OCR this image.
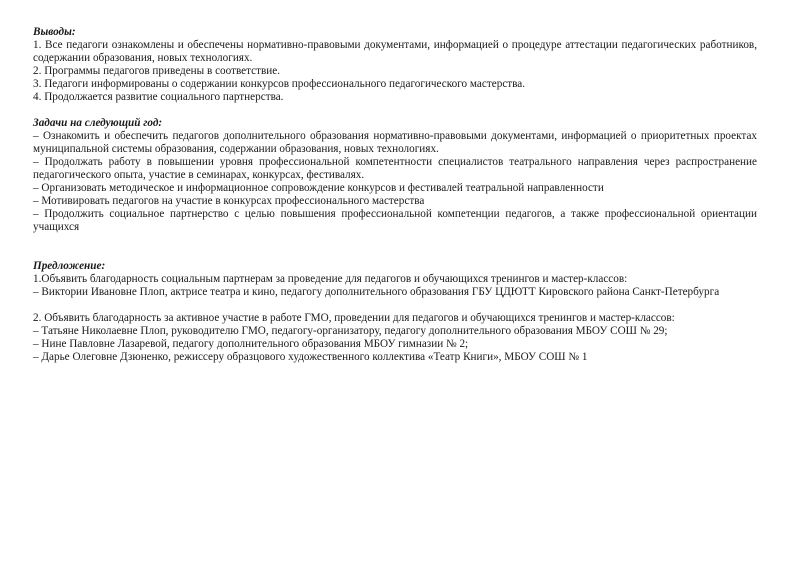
Выводы:
1. Все педагоги ознакомлены и обеспечены нормативно-правовыми документами, информацией о процедуре аттестации педагогических работников, содержании образования, новых технологиях.
2. Программы педагогов приведены в соответствие.
3. Педагоги информированы о содержании конкурсов профессионального педагогического мастерства.
4. Продолжается развитие социального партнерства.
Задачи на следующий год:
– Ознакомить и обеспечить педагогов дополнительного образования нормативно-правовыми документами, информацией о приоритетных проектах муниципальной системы образования, содержании образования, новых технологиях.
– Продолжать работу в повышении уровня профессиональной компетентности специалистов театрального направления через распространение педагогического опыта, участие в семинарах, конкурсах, фестивалях.
– Организовать методическое и информационное сопровождение конкурсов и фестивалей театральной направленности
– Мотивировать педагогов на участие в конкурсах профессионального мастерства
– Продолжить социальное партнерство с целью повышения профессиональной компетенции педагогов, а также профессиональной ориентации учащихся
Предложение:
1.Объявить благодарность социальным партнерам за проведение для педагогов и обучающихся тренингов и мастер-классов:
– Виктории Ивановне Плоп, актрисе театра и кино, педагогу дополнительного образования ГБУ ЦДЮТТ Кировского района Санкт-Петербурга
2. Объявить благодарность за активное участие в работе ГМО, проведении для педагогов и обучающихся тренингов и мастер-классов:
– Татьяне Николаевне Плоп, руководителю ГМО, педагогу-организатору, педагогу дополнительного образования МБОУ СОШ № 29;
– Нине Павловне Лазаревой, педагогу дополнительного образования МБОУ гимназии № 2;
– Дарье Олеговне Дзюненко, режиссеру образцового художественного коллектива «Театр Книги», МБОУ СОШ № 1
